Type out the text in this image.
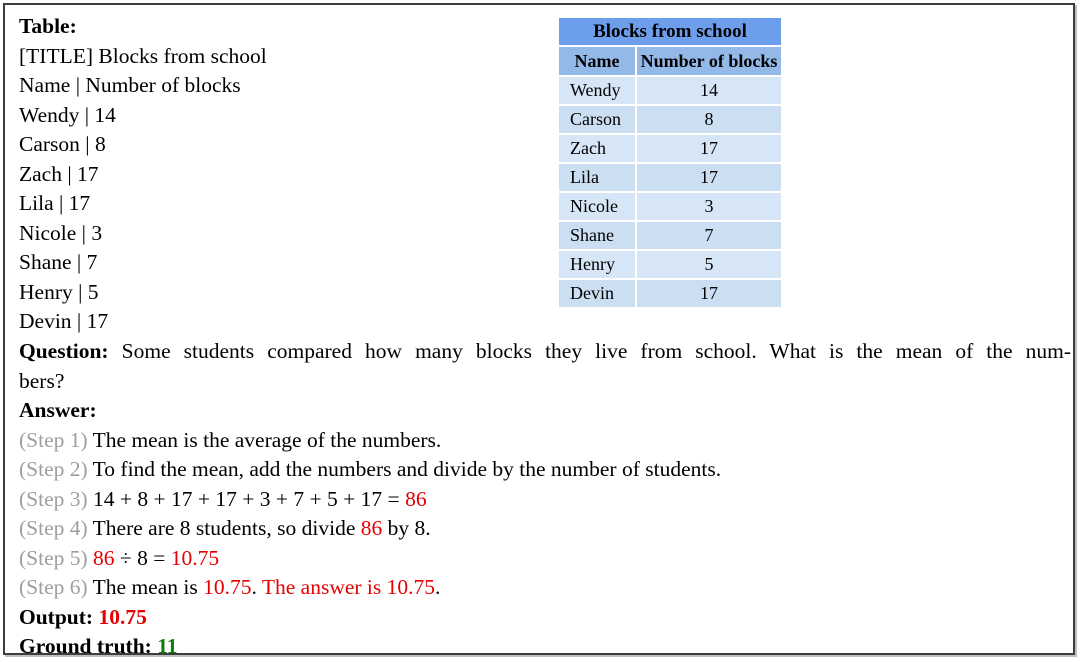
Blocks from school	
Name	Number of blocks
Wendy	14
Carson	8
Zach	17
Lila	17
Nicole	3
Shane	7
Henry	5
Devin	17
Table:
[TITLE] Blocks from school
Name | Number of blocks
Wendy | 14
Carson | 8
Zach | 17
Lila | 17
Nicole | 3
Shane | 7
Henry | 5
Devin | 17
Question: Some students compared how many blocks they live from school. What is the mean of the num-
bers?
Answer:
(Step 1) The mean is the average of the numbers.
(Step 2) To find the mean, add the numbers and divide by the number of students.
(Step 3) 14 + 8 + 17 + 17 + 3 + 7 + 5 + 17 = 86
(Step 4) There are 8 students, so divide 86 by 8.
(Step 5) 86 ÷ 8 = 10.75
(Step 6) The mean is 10.75. The answer is 10.75.
Output: 10.75
Ground truth: 11
